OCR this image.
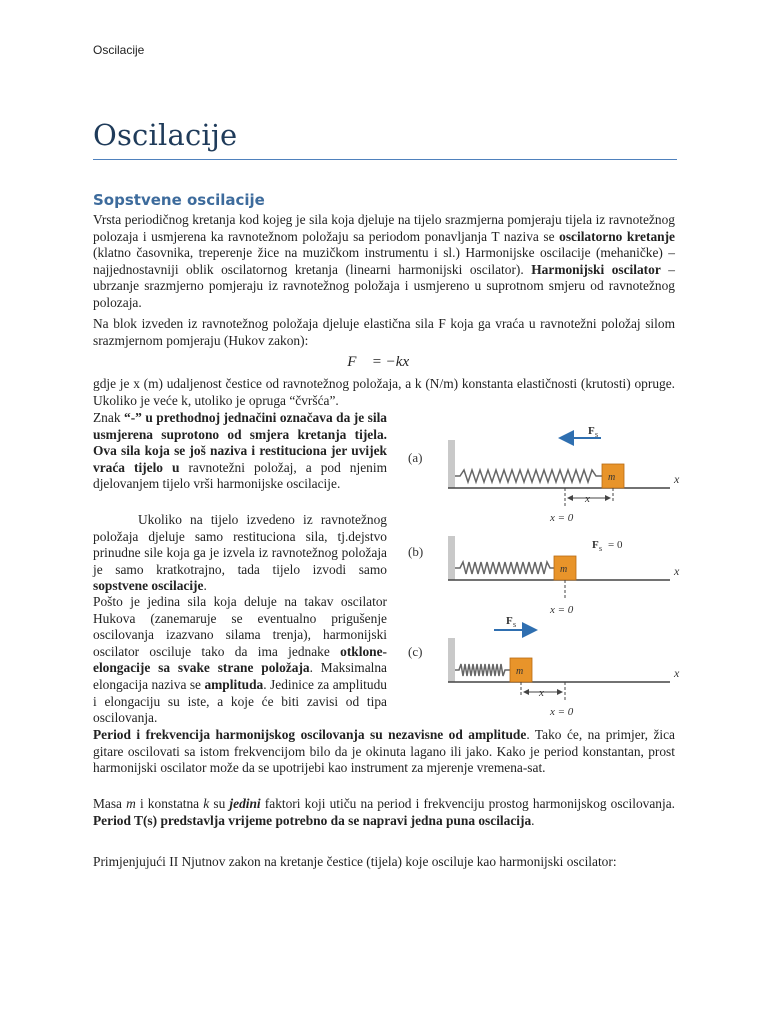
Oscilacije
Oscilacije
Sopstvene oscilacije

Vrsta periodičnog kretanja kod kojeg je sila koja djeluje na tijelo srazmjerna pomjeraju tijela iz ravnotežnog polozaja i usmjerena ka ravnotežnom položaju sa periodom ponavljanja T naziva se oscilatorno kretanje (klatno časovnika, treperenje žice na muzičkom instrumentu i sl.) Harmonijske oscilacije (mehaničke) – najjednostavniji oblik oscilatornog kretanja (linearni harmonijski oscilator). Harmonijski oscilator –ubrzanje srazmjerno pomjeraju iz ravnotežnog položaja i usmjereno u suprotnom smjeru od ravnotežnog polozaja.

Na blok izveden iz ravnotežnog položaja djeluje elastična sila F koja ga vraća u ravnotežni položaj silom srazmjernom pomjeraju (Hukov zakon):

F⃗ = −kx⃗

gdje je x (m) udaljenost čestice od ravnotežnog položaja, a k (N/m) konstanta elastičnosti (krutosti) opruge. Ukoliko je veće k, utoliko je opruga “čvršća”.

Znak “-” u prethodnoj jednačini označava da je sila usmjerena suprotono od smjera kretanja tijela. Ova sila koja se još naziva i restituciona jer uvijek vraća tijelo u ravnotežni položaj, a pod njenim djelovanjem tijelo vrši harmonijske oscilacije.

Ukoliko na tijelo izvedeno iz ravnotežnog položaja djeluje samo restituciona sila, tj.dejstvo prinudne sile koja ga je izvela iz ravnotežnog položaja je samo kratkotrajno, tada tijelo izvodi samo sopstvene oscilacije.

Pošto je jedina sila koja deluje na takav oscilator Hukova (zanemaruje se eventualno prigušenje oscilovanja izazvano silama trenja), harmonijski oscilator osciluje tako da ima jednake otklone-elongacije sa svake strane položaja. Maksimalna elongacija naziva se amplituda. Jedinice za amplitudu i elongaciju su iste, a koje će biti zavisi od tipa oscilovanja.

Period i frekvencija harmonijskog oscilovanja su nezavisne od amplitude. Tako će, na primjer, žica gitare oscilovati sa istom frekvencijom bilo da je okinuta lagano ili jako. Kako je period konstantan, prost harmonijski oscilator može da se upotrijebi kao instrument za mjerenje vremena-sat.

Masa m i konstatna k su jedini faktori koji utiču na period i frekvenciju prostog harmonijskog oscilovanja. Period T(s) predstavlja vrijeme potrebno da se napravi jedna puna oscilacija.

Primjenjujući II Njutnov zakon na kretanje čestice (tijela) koje osciluje kao harmonijski oscilator:

(a)
m
F s
x
x
x = 0
(b)
m
F s = 0
x
x = 0
(c)
m
F s
x
x
x = 0
